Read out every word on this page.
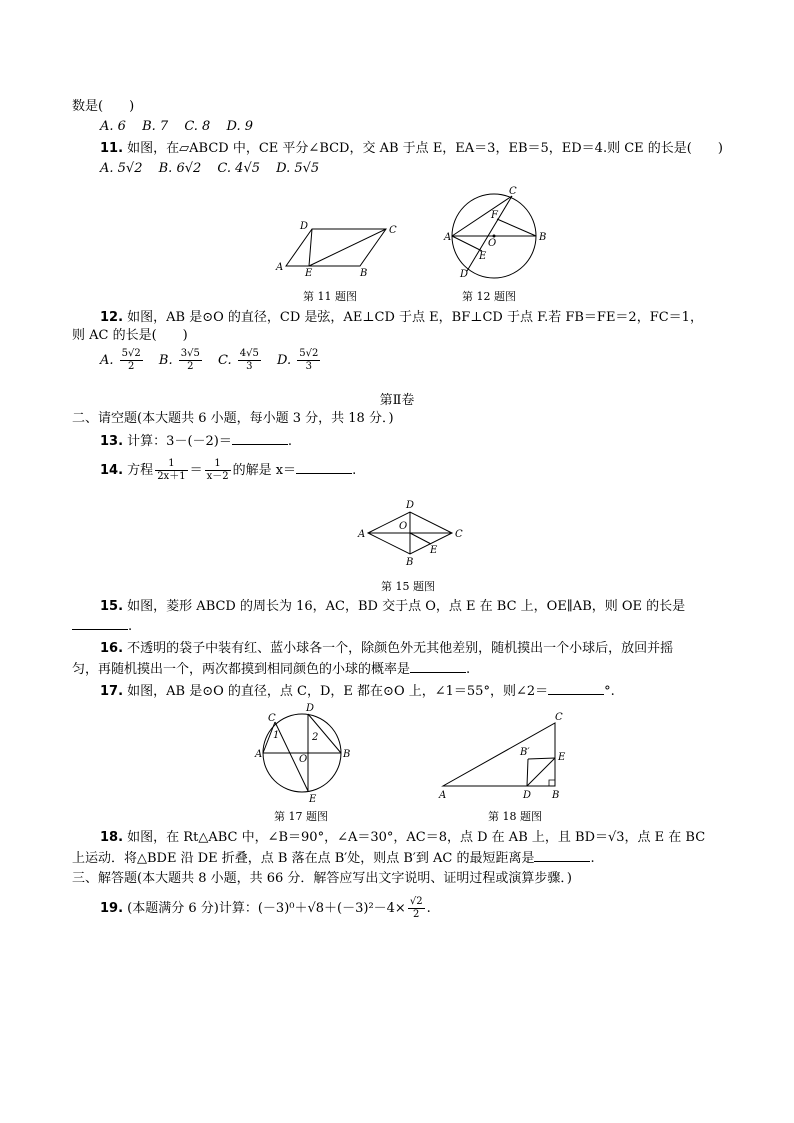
数是(　　)
A. 6 B. 7 C. 8 D. 9
11. 如图，在▱ABCD 中，CE 平分∠BCD，交 AB 于点 E，EA＝3，EB＝5，ED＝4.则 CE 的长是(　　)
A. 5√2 B. 6√2 C. 4√5 D. 5√5
D	C
A
E	B
第 11 题图
C
F
A
O
B
E
D
第 12 题图
12. 如图，AB 是⊙O 的直径，CD 是弦，AE⊥CD 于点 E，BF⊥CD 于点 F.若 FB＝FE＝2，FC＝1，
则 AC 的长是(　　)
A. $\frac{5√2}{2} B$. $\frac{3√5}{2} C$. $\frac{4√5}{3} D$. $\frac{5√2}{3}$
第Ⅱ卷
二、请空题(本大题共 6 小题，每小题 3 分，共 18 分．)
13. 计算：3－(－2)＝	.
14. 方程 $\frac{1}{2x+1} = \frac{1}{x-2}$ 的解是 x＝	.
D
O
A	C
E
B
第 15 题图
15. 如图，菱形 ABCD 的周长为 16，AC，BD 交于点 O，点 E 在 BC 上，OE∥AB，则 OE 的长是
.
16. 不透明的袋子中装有红、蓝小球各一个，除颜色外无其他差别，随机摸出一个小球后，放回并摇
匀，再随机摸出一个，两次都摸到相同颜色的小球的概率是	.
17. 如图，AB 是⊙O 的直径，点 C，D，E 都在⊙O 上，∠1＝55°，则∠2＝	°.
C
D
1	2
A	O	B
E
第 17 题图
C
B′	E
A	D B
第 18 题图
18. 如图，在 Rt△ABC 中，∠B＝90°，∠A＝30°，AC＝8，点 D 在 AB 上，且 BD＝√3，点 E 在 BC
上运动．将△BDE 沿 DE 折叠，点 B 落在点 B′处，则点 B′到 AC 的最短距离是	.
三、解答题(本大题共 8 小题，共 66 分．解答应写出文字说明、证明过程或演算步骤．)
19. (本题满分 6 分)计算：$(-3)^0+√8+(-3)^2-4\times \frac{√2}{2}$ .
